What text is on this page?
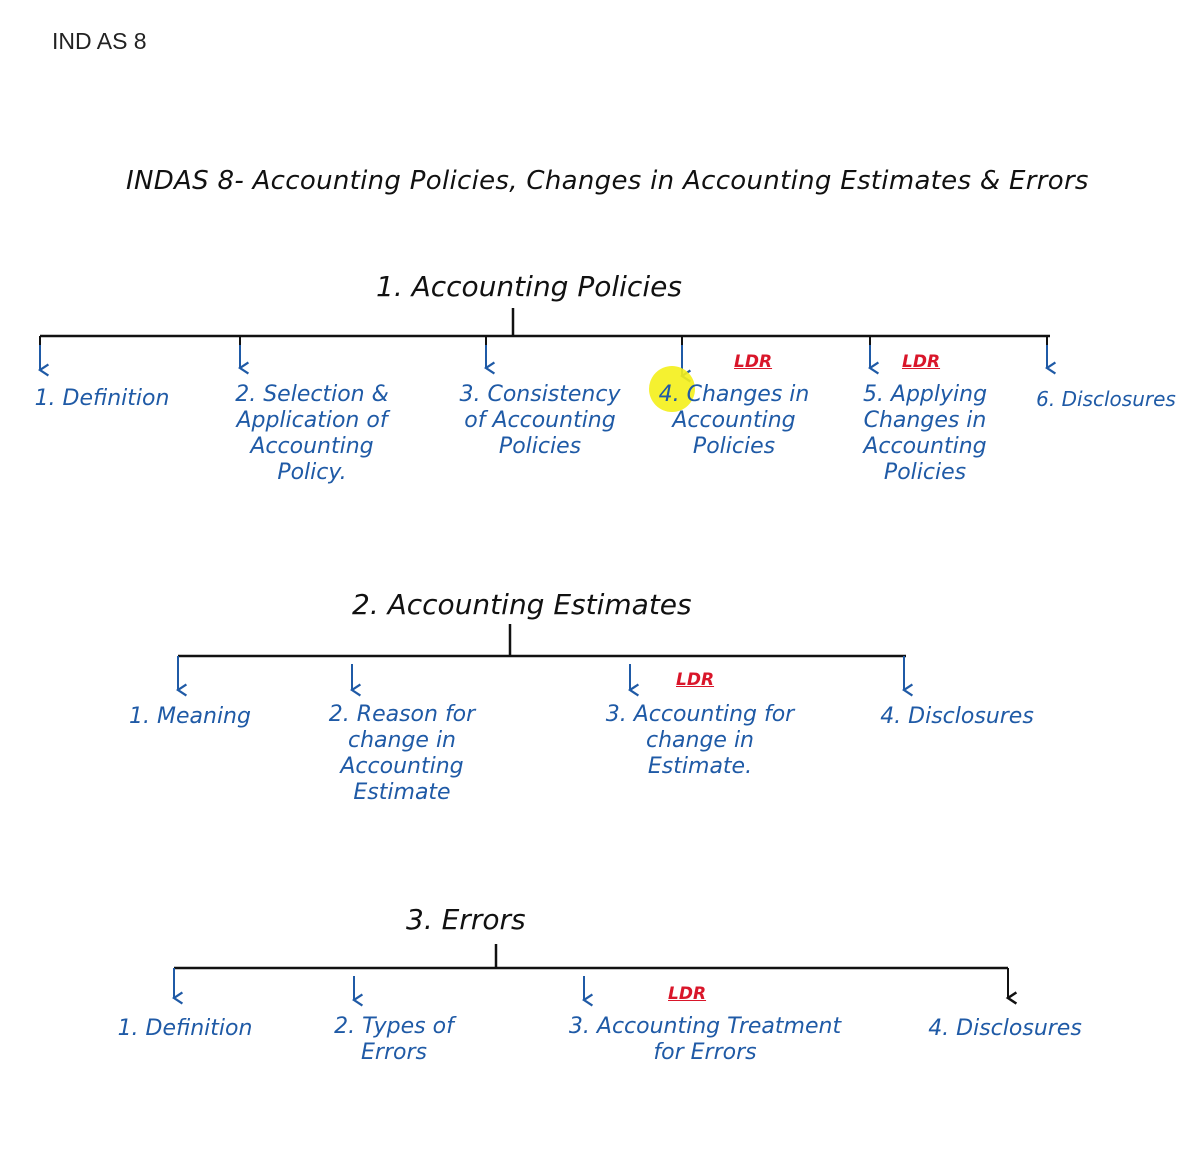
IND AS 8
INDAS 8- Accounting Policies, Changes in Accounting Estimates & Errors
1. Accounting Policies
2. Accounting Estimates
3. Errors
1. Definition	2. Selection &
Application of
Accounting
Policy.
3. Consistency
of Accounting
Policies
LDR
4. Changes in
Accounting
Policies
LDR
5. Applying
Changes in
Accounting
Policies
6. Disclosures
1. Meaning	2. Reason for
change in
Accounting
Estimate
LDR
3. Accounting for
change in
Estimate.
4. Disclosures
1. Definition	2. Types of
Errors
LDR
3. Accounting Treatment
for Errors
4. Disclosures
